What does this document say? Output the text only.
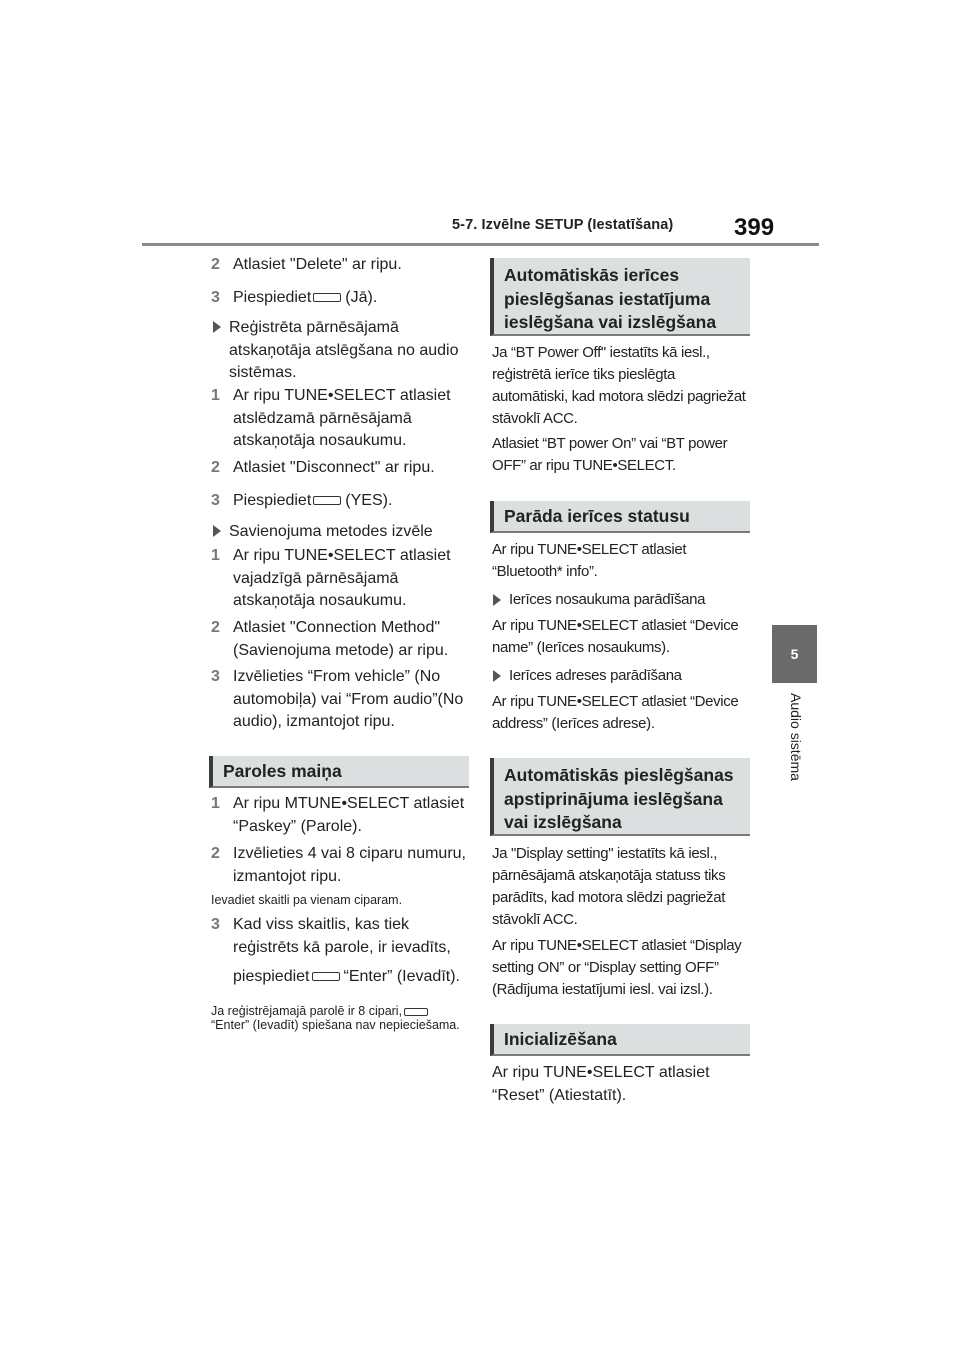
5-7. Izvēlne SETUP (Iestatīšana)	399
5
Audio sistēma
2 Atlasiet "Delete" ar ripu.
3 Piespiediet (Jā).
Reģistrēta pārnēsājamā atskaņotāja atslēgšana no audio sistēmas.
1 Ar ripu TUNE•SELECT atlasiet atslēdzamā pārnēsājamā atskaņotāja nosaukumu.
2 Atlasiet "Disconnect" ar ripu.
3 Piespiediet (YES).
Savienojuma metodes izvēle
1 Ar ripu TUNE•SELECT atlasiet vajadzīgā pārnēsājamā atskaņotāja nosaukumu.
2 Atlasiet "Connection Method" (Savienojuma metode) ar ripu.
3 Izvēlieties “From vehicle” (No automobiļa) vai “From audio”(No audio), izmantojot ripu.
Paroles maiņa
1 Ar ripu MTUNE•SELECT atlasiet “Paskey” (Parole).
2 Izvēlieties 4 vai 8 ciparu numuru, izmantojot ripu.
Ievadiet skaitli pa vienam ciparam.
3 Kad viss skaitlis, kas tiek reģistrēts kā parole, ir ievadīts,
piespiediet “Enter” (Ievadīt).
Ja reģistrējamajā parolē ir 8 cipari,
“Enter” (Ievadīt) spiešana nav nepieciešama.
Automātiskās ierīces pieslēgšanas iestatījuma ieslēgšana vai izslēgšana
Ja “BT Power Off" iestatīts kā iesl., reģistrētā ierīce tiks pieslēgta automātiski, kad motora slēdzi pagriežat stāvoklī ACC.
Atlasiet “BT power On” vai “BT power OFF” ar ripu TUNE•SELECT.
Parāda ierīces statusu
Ar ripu TUNE•SELECT atlasiet “Bluetooth* info”.
Ierīces nosaukuma parādīšana
Ar ripu TUNE•SELECT atlasiet “Device name” (Ierīces nosaukums).
Ierīces adreses parādīšana
Ar ripu TUNE•SELECT atlasiet “Device address” (Ierīces adrese).
Automātiskās pieslēgšanas apstiprinājuma ieslēgšana vai izslēgšana
Ja "Display setting" iestatīts kā iesl., pārnēsājamā atskaņotāja statuss tiks parādīts, kad motora slēdzi pagriežat stāvoklī ACC.
Ar ripu TUNE•SELECT atlasiet “Display setting ON” or “Display setting OFF” (Rādījuma iestatījumi iesl. vai izsl.).
Inicializēšana
Ar ripu TUNE•SELECT atlasiet “Reset” (Atiestatīt).
